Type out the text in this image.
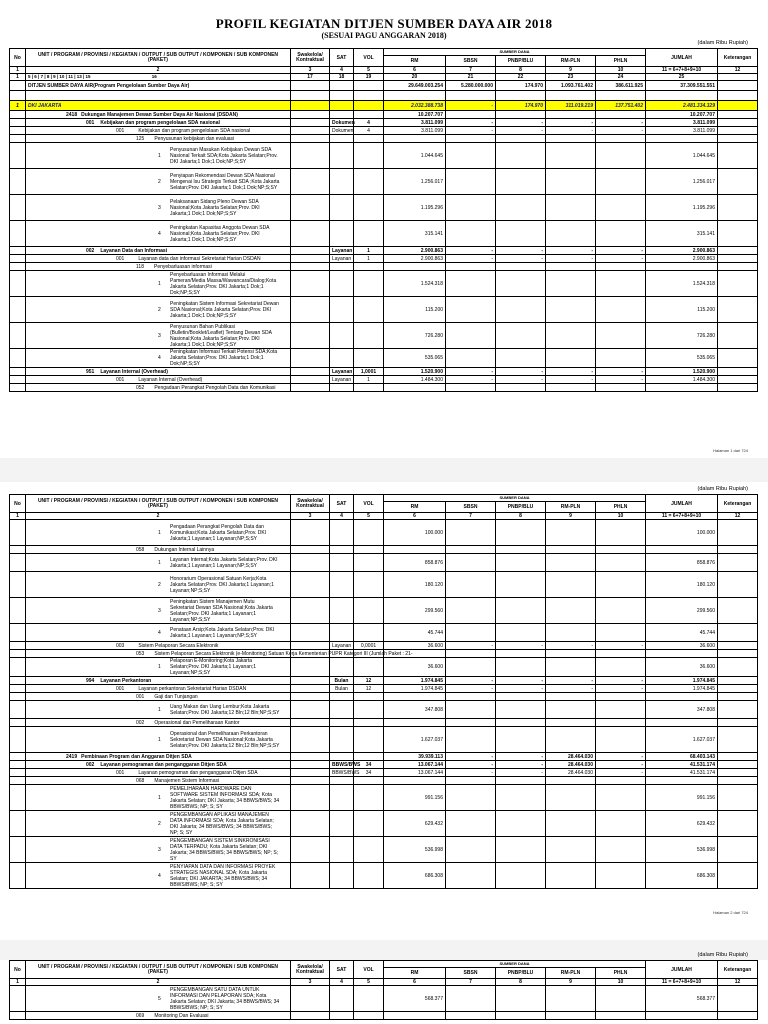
PROFIL KEGIATAN DITJEN SUMBER DAYA AIR 2018
(SESUAI PAGU ANGGARAN 2018)
(dalam Ribu Rupiah)
No	UNIT / PROGRAM / PROVINSI / KEGIATAN / OUTPUT / SUB OUTPUT / KOMPONEN / SUB KOMPONEN (PAKET)	Swakelola/ Kontraktual	SAT	VOL	SUMBER DANA					JUMLAH	Keterangan
					RM	SBSN	PNBP/BLU	RM-PLN	PHLN		
1	2	3	4	5	6	7	8	9	10	11 = 6+7+8+9+10	12
1	5 | 6 | 7 | 8 | 9 | 10 | 11 | 13 | 15 16	17	18	19	20	21	22	23	24	25	
	DITJEN SUMBER DAYA AIR(Program Pengelolaan Sumber Daya Air)				29.649.003.254	5.280.000.000	174.970	1.093.761.402	386.611.925	37.309.551.551	

1	DKI JAKARTA				2.032.388.738	-	174.970	311.019.219	137.751.402	2.481.334.329	
	2418 Dukungan Manajemen Dewan Sumber Daya Air Nasional (DSDAN)				10.207.707					10.207.707	
	001 Kebijakan dan program pengelolaan SDA nasional		Dokumen	4	3.811.099	-	-	-	-	3.811.099	
	001 Kebijakan dan program pengelolaan SDA nasional		Dokumen	4	3.811.099	-	-	-	-	3.811.099	
	125 Penyusunan kebijakan dan evaluasi										
	1Penyusunan Masukan Kebijakan Dewan SDA Nasional Terkait SDA;Kota Jakarta Selatan;Prov. DKI Jakarta;1 Dok;1 Dok;NP;S;SY				1.044.645					1.044.645	
	2Penyiapan Rekomendasi Dewan SDA Nasional Mengenai Isu Strategis Terkait SDA ;Kota Jakarta Selatan;Prov. DKI Jakarta;1 Dok;1 Dok;NP;S;SY				1.256.017					1.256.017	
	3Pelaksanaan Sidang Pleno Dewan SDA Nasional;Kota Jakarta Selatan;Prov. DKI Jakarta;1 Dok;1 Dok;NP;S;SY				1.195.296					1.195.296	
	4Peningkatan Kapasitas Anggota Dewan SDA Nasional;Kota Jakarta Selatan;Prov. DKI Jakarta;1 Dok;1 Dok;NP;S;SY				315.141					315.141	
	002 Layanan Data dan Informasi		Layanan	1	2.900.863	-	-	-	-	2.900.863	
	001 Layanan data dan informasi Sekretariat Harian DSDAN		Layanan	1	2.900.863	-	-	-	-	2.900.863	
	118 Penyebarluasan informasi										
	1Penyebarluasan Informasi Melalui Pameran/Media Massa/Wawancara/Dialog;Kota Jakarta Selatan;Prov. DKI Jakarta;1 Dok;1 Dok;NP;S;SY				1.524.318					1.524.318	
	2Peningkatan Sistem Informasi Sekretariat Dewan SDA Nasional;Kota Jakarta Selatan;Prov. DKI Jakarta;1 Dok;1 Dok;NP;S;SY				115.200					115.200	
	3Penyusunan Bahan Publikasi (Bulletin/Booklet/Leaflet) Tentang Dewan SDA Nasional;Kota Jakarta Selatan;Prov. DKI Jakarta;1 Dok;1 Dok;NP;S;SY				726.280					726.280	
	4Peningkatan Informasi Terkait Potensi SDA;Kota Jakarta Selatan;Prov. DKI Jakarta;1 Dok;1 Dok;NP;S;SY				535.065					535.065	
	951 Layanan Internal (Overhead)		Layanan	1,0001	1.520.900	-	-	-	-	1.520.900	
	001 Layanan Internal (Overhead)		Layanan	1	1.484.300	-	-	-	-	1.484.300	
	052 Pengadaan Perangkat Pengolah Data dan Komunikasi										
Halaman 1 dari 724
(dalam Ribu Rupiah)
No	UNIT / PROGRAM / PROVINSI / KEGIATAN / OUTPUT / SUB OUTPUT / KOMPONEN / SUB KOMPONEN (PAKET)	Swakelola/ Kontraktual	SAT	VOL	SUMBER DANA					JUMLAH	Keterangan
					RM	SBSN	PNBP/BLU	RM-PLN	PHLN		
1	2	3	4	5	6	7	8	9	10	11 = 6+7+8+9+10	12
	1Pengadaan Perangkat Pengolah Data dan Komunikasi;Kota Jakarta Selatan;Prov. DKI Jakarta;1 Layanan;1 Layanan;NP;S;SY				100.000					100.000	
	058 Dukungan Internal Lainnya										
	1 Layanan Internal;Kota Jakarta Selatan;Prov. DKI Jakarta;1 Layanan;1 Layanan;NP;S;SY				858.876					858.876	
	2Honorarium Operasional Satuan Kerja;Kota Jakarta Selatan;Prov. DKI Jakarta;1 Layanan;1 Layanan;NP;S;SY				180.120					180.120	
	3Peningkatan Sistem Manajemen Mutu Sekretariat Dewan SDA Nasional;Kota Jakarta Selatan;Prov. DKI Jakarta;1 Layanan;1 Layanan;NP;S;SY				299.560					299.560	
	4 Penataan Arsip;Kota Jakarta Selatan;Prov. DKI Jakarta;1 Layanan;1 Layanan;NP;S;SY				45.744					45.744	
	003 Sistem Pelaporan Secara Elektronik		Layanan	0,0001	36.600	-	-	-	-	36.600	
	053 Sistem Pelaporan Secara Elektronik (e-Monitoring) Satuan Kerja Kementerian PUPR Kategori III (Jumlah Paket : 21-										
	1Pelaporan E-Monitoring;Kota Jakarta Selatan;Prov. DKI Jakarta;1 Layanan;1 Layanan;NP;S;SY				36.600					36.600	
	994 Layanan Perkantoran		Bulan	12	1.974.845	-	-	-	-	1.974.845	
	001 Layanan perkantoran Sekretariat Harian DSDAN		Bulan	12	1.974.845	-	-	-	-	1.974.845	
	001 Gaji dan Tunjangan										
	1 Uang Makan dan Uang Lembur;Kota Jakarta Selatan;Prov. DKI Jakarta;12 Bln;12 Bln;NP;S;SY				347.808					347.808	
	002 Operasional dan Pemeliharaan Kantor										
	1Operasional dan Pemeliharaan Perkantoran Sekretariat Dewan SDA Nasional;Kota Jakarta Selatan;Prov. DKI Jakarta;12 Bln;12 Bln;NP;S;SY				1.627.037					1.627.037	
	2419 Pembinaan Program dan Anggaran Ditjen SDA				39.939.113	-	-	28.464.030	-	68.403.143	
	002 Layanan pemograman dan penganggaran Ditjen SDA		BBWS/BWS	34	13.067.144	-	-	28.464.030	-	41.531.174	
	001 Layanan pemograman dan penganggaran Ditjen SDA		BBWS/BWS	34	13.067.144	-	-	28.464.030	-	41.531.174	
	068 Manajemen Sistem Informasi										
	1PEMELIHARAAN HARDWARE DAN SOFTWARE SISTEM INFORMASI SDA; Kota Jakarta Selatan; DKI Jakarta; 34 BBWS/BWS; 34 BBWS/BWS; NP; S; SY				991.156					991.156	
	2PENGEMBANGAN APLIKASI MANAJEMEN DATA INFORMASI SDA; Kota Jakarta Selatan; DKI Jakarta; 34 BBWS/BWS; 34 BBWS/BWS; NP; S; SY				629.432					629.432	
	3PENGEMBANGAN SISTEM SINKRONISASI DATA TERPADU; Kota Jakarta Selatan; DKI Jakarta; 34 BBWS/BWS; 34 BBWS/BWS; NP; S; SY				536.998					536.998	
	4PENYIAPAN DATA DAN INFORMASI PROYEK STRATEGIS NASIONAL SDA; Kota Jakarta Selatan; DKI JAKARTA; 34 BBWS/BWS; 34 BBWS/BWS; NP; S; SY				686.308					686.308	
Halaman 2 dari 724
(dalam Ribu Rupiah)
No	UNIT / PROGRAM / PROVINSI / KEGIATAN / OUTPUT / SUB OUTPUT / KOMPONEN / SUB KOMPONEN (PAKET)	Swakelola/ Kontraktual	SAT	VOL	SUMBER DANA					JUMLAH	Keterangan
					RM	SBSN	PNBP/BLU	RM-PLN	PHLN		
1	2	3	4	5	6	7	8	9	10	11 = 6+7+8+9+10	12
	5PENGEMBANGAN SATU DATA UNTUK INFORMASI DAN PELAPORAN SDA; Kota Jakarta Selatan; DKI Jakarta; 34 BBWS/BWS; 34 BBWS/BWS; NP; S; SY				568.377					568.377	
	069 Monitoring Dan Evaluasi										
